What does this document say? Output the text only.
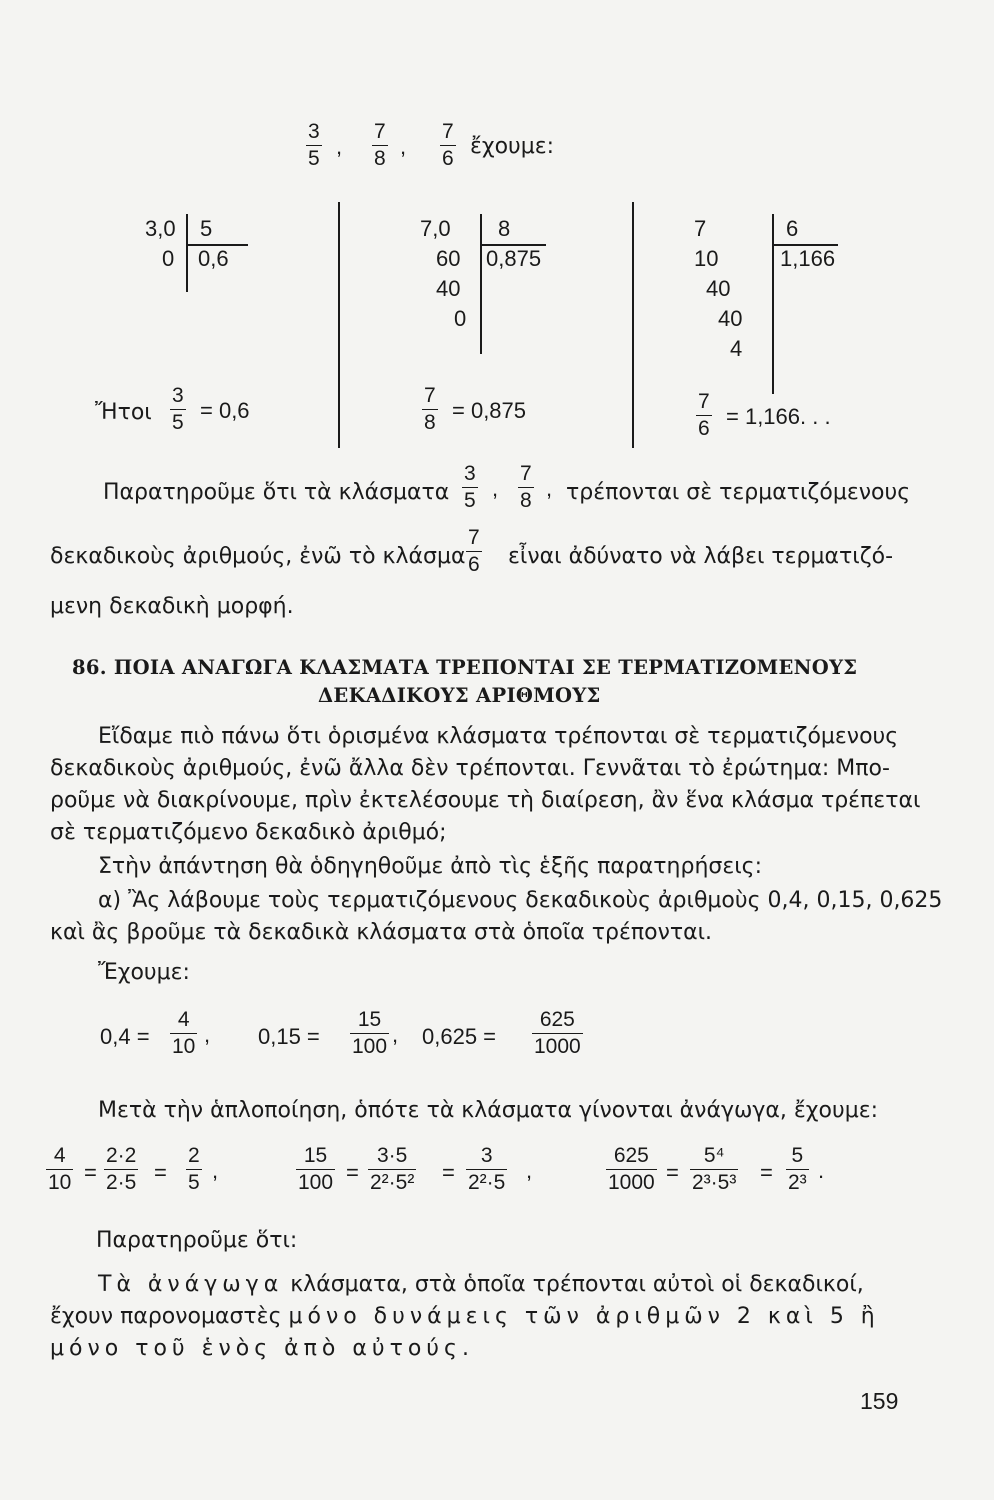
3
5 ,
7
8 ,
7
6 ἔχουμε:
3,0 5
0 0,6
7,0 8
60
40
0
0,875
7	6
10
40
40
4
1,166
Ἤτοι
3
5 = 0,6
7
8 = 0,875	7
6 = 1,166. . .
Παρατηροῦμε ὅτι τὰ κλάσματα
3
5 ,
7
8 , τρέπονται σὲ τερματιζόμενους
δεκαδικοὺς ἀριθμούς, ἐνῶ τὸ κλάσμα
7
6 εἶναι ἀδύνατο νὰ λάβει τερματιζό-
μενη δεκαδικὴ μορφή.
86. ΠΟΙΑ ΑΝΑΓΩΓΑ ΚΛΑΣΜΑΤΑ ΤΡΕΠΟΝΤΑΙ ΣΕ ΤΕΡΜΑΤΙΖΟΜΕΝΟΥΣ
ΔΕΚΑΔΙΚΟΥΣ ΑΡΙΘΜΟΥΣ
Εἴδαμε πιὸ πάνω ὅτι ὁρισμένα κλάσματα τρέπονται σὲ τερματιζόμενους
δεκαδικοὺς ἀριθμούς, ἐνῶ ἄλλα δὲν τρέπονται. Γεννᾶται τὸ ἐρώτημα: Μπο-
ροῦμε νὰ διακρίνουμε, πρὶν ἐκτελέσουμε τὴ διαίρεση, ἂν ἕνα κλάσμα τρέπεται
σὲ τερματιζόμενο δεκαδικὸ ἀριθμό;
Στὴν ἀπάντηση θὰ ὁδηγηθοῦμε ἀπὸ τὶς ἑξῆς παρατηρήσεις:
α) Ἂς λάβουμε τοὺς τερματιζόμενους δεκαδικοὺς ἀριθμοὺς 0,4, 0,15, 0,625
καὶ ἂς βροῦμε τὰ δεκαδικὰ κλάσματα στὰ ὁποῖα τρέπονται.
Ἔχουμε:
0,4 =
4
10 , 0,15 =
15
100 , 0,625 =
625
1000
Μετὰ τὴν ἁπλοποίηση, ὁπότε τὰ κλάσματα γίνονται ἀνάγωγα, ἔχουμε:
4
10 =
2·2
2·5 =
2
5 ,
15
100 =
3·5
2²·5² =
3
2²·5 ,
625
1000 =
5⁴
2³·5³ =
5
2³ .
Παρατηροῦμε ὅτι:
Τὰ ἀνάγωγα κλάσματα, στὰ ὁποῖα τρέπονται αὐτοὶ οἱ δεκαδικοί,
ἔχουν παρονομαστὲς μόνο δυνάμεις τῶν ἀριθμῶν 2 καὶ 5 ἢ
μόνο τοῦ ἑνὸς ἀπὸ αὐτούς.
159
